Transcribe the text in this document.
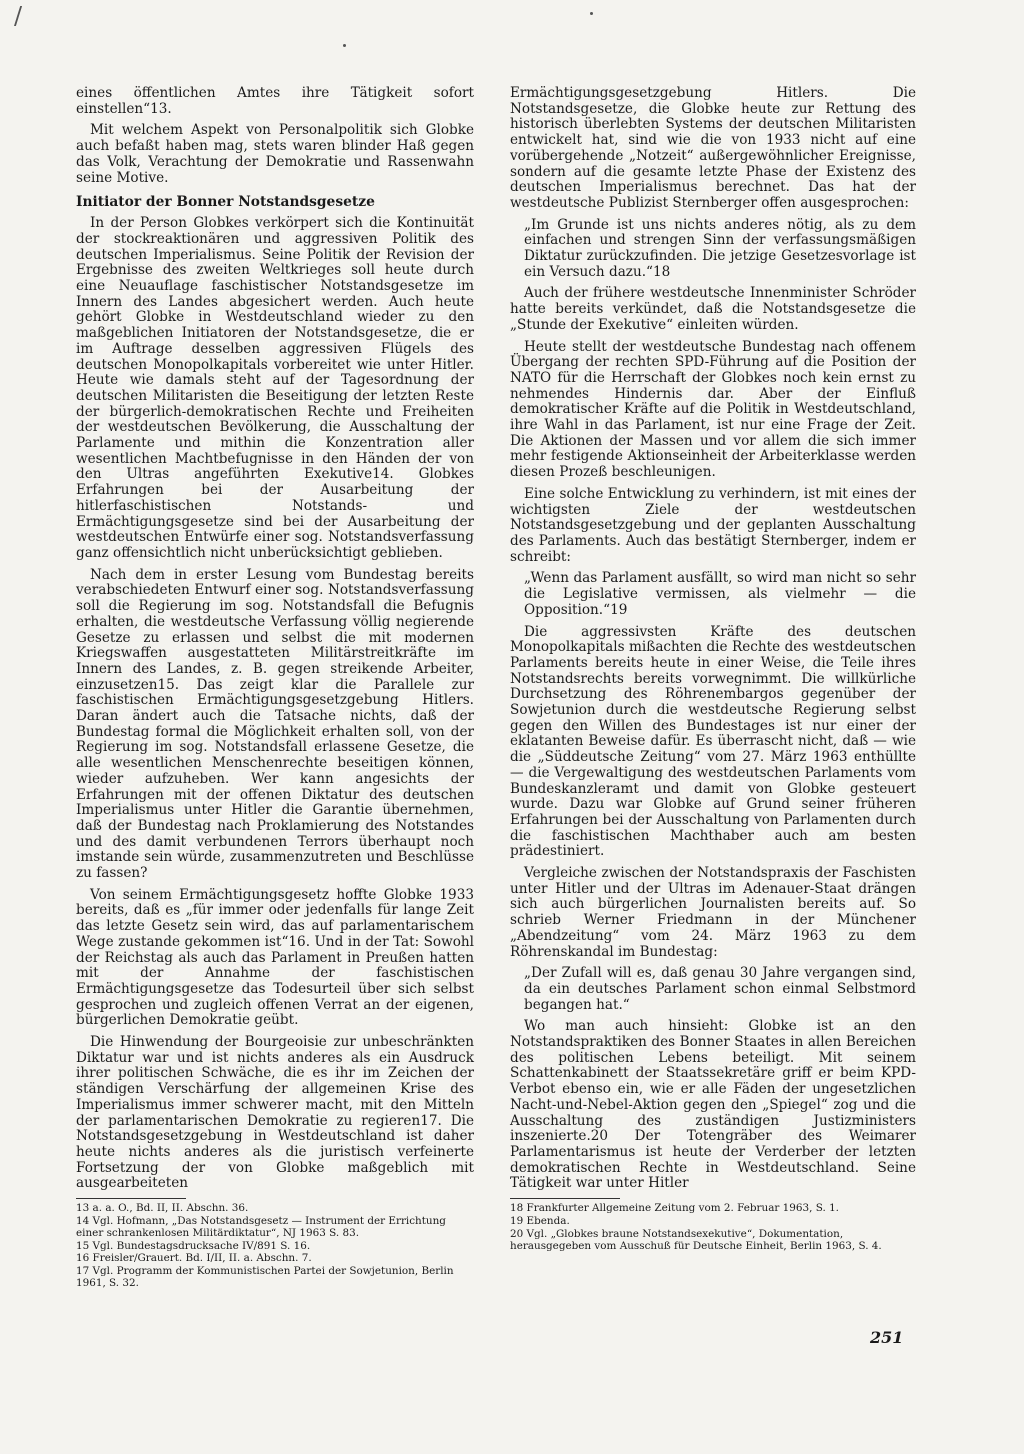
/

eines öffentlichen Amtes ihre Tätigkeit sofort einstellen“13.

Mit welchem Aspekt von Personalpolitik sich Globke auch befaßt haben mag, stets waren blinder Haß gegen das Volk, Verachtung der Demokratie und Rassenwahn seine Motive.

Initiator der Bonner Notstandsgesetze

In der Person Globkes verkörpert sich die Kontinuität der stockreaktionären und aggressiven Politik des deutschen Imperialismus. Seine Politik der Revision der Ergebnisse des zweiten Weltkrieges soll heute durch eine Neuauflage faschistischer Notstandsgesetze im Innern des Landes abgesichert werden. Auch heute gehört Globke in Westdeutschland wieder zu den maßgeblichen Initiatoren der Notstandsgesetze, die er im Auftrage desselben aggressiven Flügels des deutschen Monopolkapitals vorbereitet wie unter Hitler. Heute wie damals steht auf der Tagesordnung der deutschen Militaristen die Beseitigung der letzten Reste der bürgerlich-demokratischen Rechte und Freiheiten der westdeutschen Bevölkerung, die Ausschaltung der Parlamente und mithin die Konzentration aller wesentlichen Machtbefugnisse in den Händen der von den Ultras angeführten Exekutive14. Globkes Erfahrungen bei der Ausarbeitung der hitlerfaschistischen Notstands- und Ermächtigungsgesetze sind bei der Ausarbeitung der westdeutschen Entwürfe einer sog. Notstandsverfassung ganz offensichtlich nicht unberücksichtigt geblieben.

Nach dem in erster Lesung vom Bundestag bereits verabschiedeten Entwurf einer sog. Notstandsverfassung soll die Regierung im sog. Notstandsfall die Befugnis erhalten, die westdeutsche Verfassung völlig negierende Gesetze zu erlassen und selbst die mit modernen Kriegswaffen ausgestatteten Militärstreitkräfte im Innern des Landes, z. B. gegen streikende Arbeiter, einzusetzen15. Das zeigt klar die Parallele zur faschistischen Ermächtigungsgesetzgebung Hitlers. Daran ändert auch die Tatsache nichts, daß der Bundestag formal die Möglichkeit erhalten soll, von der Regierung im sog. Notstandsfall erlassene Gesetze, die alle wesentlichen Menschenrechte beseitigen können, wieder aufzuheben. Wer kann angesichts der Erfahrungen mit der offenen Diktatur des deutschen Imperialismus unter Hitler die Garantie übernehmen, daß der Bundestag nach Proklamierung des Notstandes und des damit verbundenen Terrors überhaupt noch imstande sein würde, zusammenzutreten und Beschlüsse zu fassen?

Von seinem Ermächtigungsgesetz hoffte Globke 1933 bereits, daß es „für immer oder jedenfalls für lange Zeit das letzte Gesetz sein wird, das auf parlamentarischem Wege zustande gekommen ist“16. Und in der Tat: Sowohl der Reichstag als auch das Parlament in Preußen hatten mit der Annahme der faschistischen Ermächtigungsgesetze das Todesurteil über sich selbst gesprochen und zugleich offenen Verrat an der eigenen, bürgerlichen Demokratie geübt.

Die Hinwendung der Bourgeoisie zur unbeschränkten Diktatur war und ist nichts anderes als ein Ausdruck ihrer politischen Schwäche, die es ihr im Zeichen der ständigen Verschärfung der allgemeinen Krise des Imperialismus immer schwerer macht, mit den Mitteln der parlamentarischen Demokratie zu regieren17. Die Notstandsgesetzgebung in Westdeutschland ist daher heute nichts anderes als die juristisch verfeinerte Fortsetzung der von Globke maßgeblich mit ausgearbeiteten

13 a. a. O., Bd. II, II. Abschn. 36.
14 Vgl. Hofmann, „Das Notstandsgesetz — Instrument der Errichtung einer schrankenlosen Militärdiktatur“, NJ 1963 S. 83.
15 Vgl. Bundestagsdrucksache IV/891 S. 16.
16 Freisler/Grauert. Bd. I/II, II. a. Abschn. 7.
17 Vgl. Programm der Kommunistischen Partei der Sowjetunion, Berlin 1961, S. 32.

Ermächtigungsgesetzgebung Hitlers. Die Notstandsgesetze, die Globke heute zur Rettung des historisch überlebten Systems der deutschen Militaristen entwickelt hat, sind wie die von 1933 nicht auf eine vorübergehende „Notzeit“ außergewöhnlicher Ereignisse, sondern auf die gesamte letzte Phase der Existenz des deutschen Imperialismus berechnet. Das hat der westdeutsche Publizist Sternberger offen ausgesprochen:

„Im Grunde ist uns nichts anderes nötig, als zu dem einfachen und strengen Sinn der verfassungsmäßigen Diktatur zurückzufinden. Die jetzige Gesetzesvorlage ist ein Versuch dazu.“18

Auch der frühere westdeutsche Innenminister Schröder hatte bereits verkündet, daß die Notstandsgesetze die „Stunde der Exekutive“ einleiten würden.

Heute stellt der westdeutsche Bundestag nach offenem Übergang der rechten SPD-Führung auf die Position der NATO für die Herrschaft der Globkes noch kein ernst zu nehmendes Hindernis dar. Aber der Einfluß demokratischer Kräfte auf die Politik in Westdeutschland, ihre Wahl in das Parlament, ist nur eine Frage der Zeit. Die Aktionen der Massen und vor allem die sich immer mehr festigende Aktionseinheit der Arbeiterklasse werden diesen Prozeß beschleunigen.

Eine solche Entwicklung zu verhindern, ist mit eines der wichtigsten Ziele der westdeutschen Notstandsgesetzgebung und der geplanten Ausschaltung des Parlaments. Auch das bestätigt Sternberger, indem er schreibt:

„Wenn das Parlament ausfällt, so wird man nicht so sehr die Legislative vermissen, als vielmehr — die Opposition.“19

Die aggressivsten Kräfte des deutschen Monopolkapitals mißachten die Rechte des westdeutschen Parlaments bereits heute in einer Weise, die Teile ihres Notstandsrechts bereits vorwegnimmt. Die willkürliche Durchsetzung des Röhrenembargos gegenüber der Sowjetunion durch die westdeutsche Regierung selbst gegen den Willen des Bundestages ist nur einer der eklatanten Beweise dafür. Es überrascht nicht, daß — wie die „Süddeutsche Zeitung“ vom 27. März 1963 enthüllte — die Vergewaltigung des westdeutschen Parlaments vom Bundeskanzleramt und damit von Globke gesteuert wurde. Dazu war Globke auf Grund seiner früheren Erfahrungen bei der Ausschaltung von Parlamenten durch die faschistischen Machthaber auch am besten prädestiniert.

Vergleiche zwischen der Notstandspraxis der Faschisten unter Hitler und der Ultras im Adenauer-Staat drängen sich auch bürgerlichen Journalisten bereits auf. So schrieb Werner Friedmann in der Münchener „Abendzeitung“ vom 24. März 1963 zu dem Röhrenskandal im Bundestag:

„Der Zufall will es, daß genau 30 Jahre vergangen sind, da ein deutsches Parlament schon einmal Selbstmord begangen hat.“

Wo man auch hinsieht: Globke ist an den Notstandspraktiken des Bonner Staates in allen Bereichen des politischen Lebens beteiligt. Mit seinem Schattenkabinett der Staatssekretäre griff er beim KPD-Verbot ebenso ein, wie er alle Fäden der ungesetzlichen Nacht-und-Nebel-Aktion gegen den „Spiegel“ zog und die Ausschaltung des zuständigen Justizministers inszenierte.20 Der Totengräber des Weimarer Parlamentarismus ist heute der Verderber der letzten demokratischen Rechte in Westdeutschland. Seine Tätigkeit war unter Hitler

18 Frankfurter Allgemeine Zeitung vom 2. Februar 1963, S. 1.
19 Ebenda.
20 Vgl. „Globkes braune Notstandsexekutive“, Dokumentation, herausgegeben vom Ausschuß für Deutsche Einheit, Berlin 1963, S. 4.
251
